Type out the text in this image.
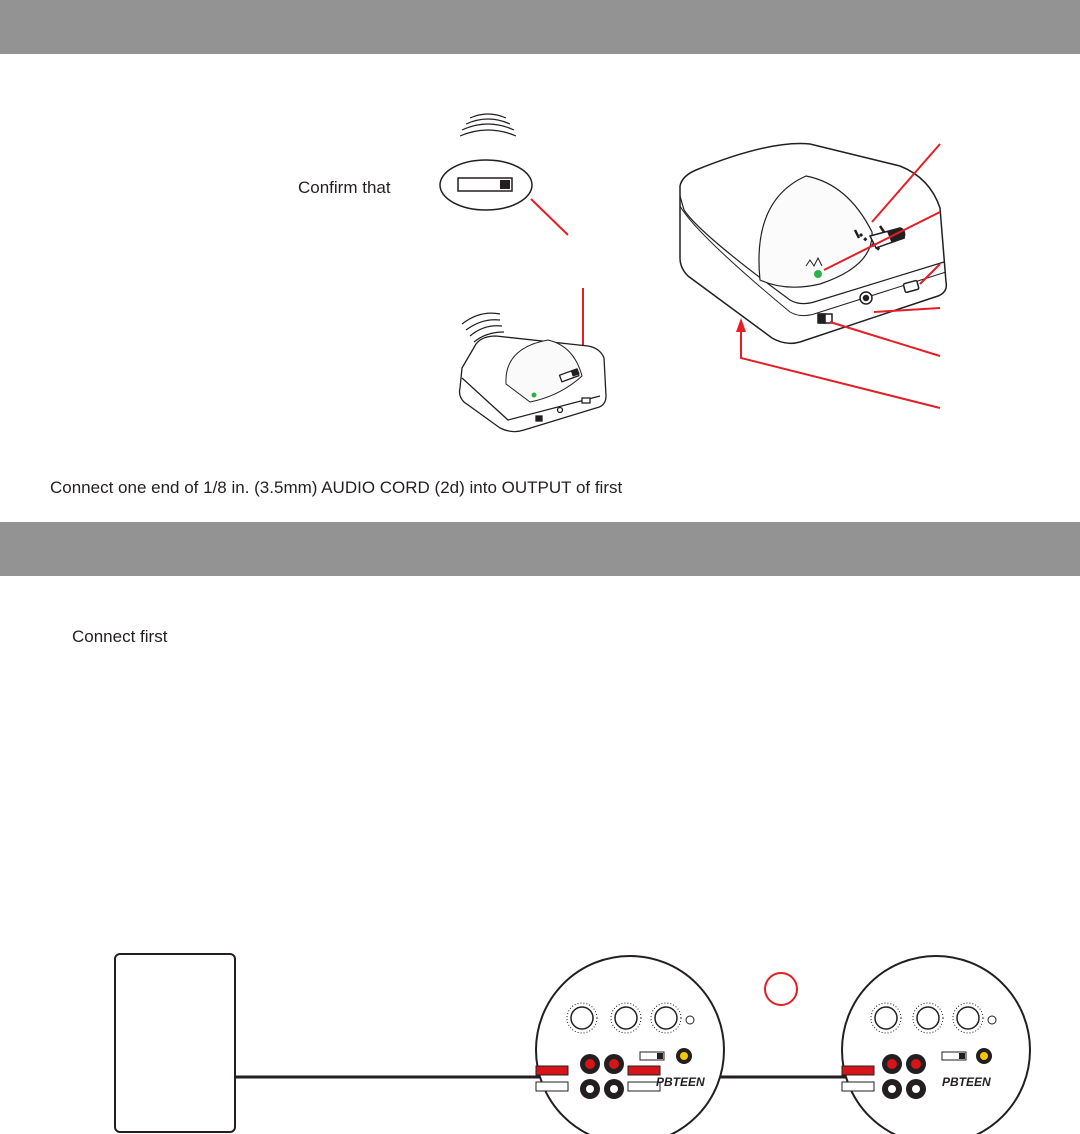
Confirm that
Connect one end of 1/8 in. (3.5mm) AUDIO CORD (2d) into OUTPUT of first
Connect first
PBTEEN	PBTEEN
